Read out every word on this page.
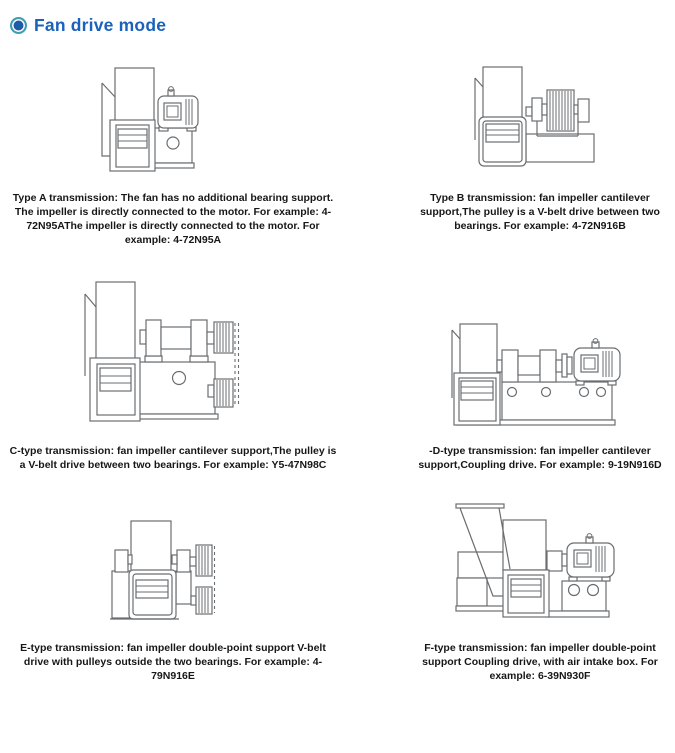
Fan drive mode
Type A transmission: The fan has no additional bearing support. The impeller is directly connected to the motor. For example: 4-72N95AThe impeller is directly connected to the motor. For example: 4-72N95A
Type B transmission: fan impeller cantilever support,The pulley is a V-belt drive between two bearings. For example: 4-72N916B
C-type transmission: fan impeller cantilever support,The pulley is a V-belt drive between two bearings. For example: Y5-47N98C
-D-type transmission: fan impeller cantilever support,Coupling drive. For example: 9-19N916D
E-type transmission: fan impeller double-point support V-belt drive with pulleys outside the two bearings. For example: 4-79N916E
F-type transmission: fan impeller double-point support Coupling drive, with air intake box. For example: 6-39N930F
